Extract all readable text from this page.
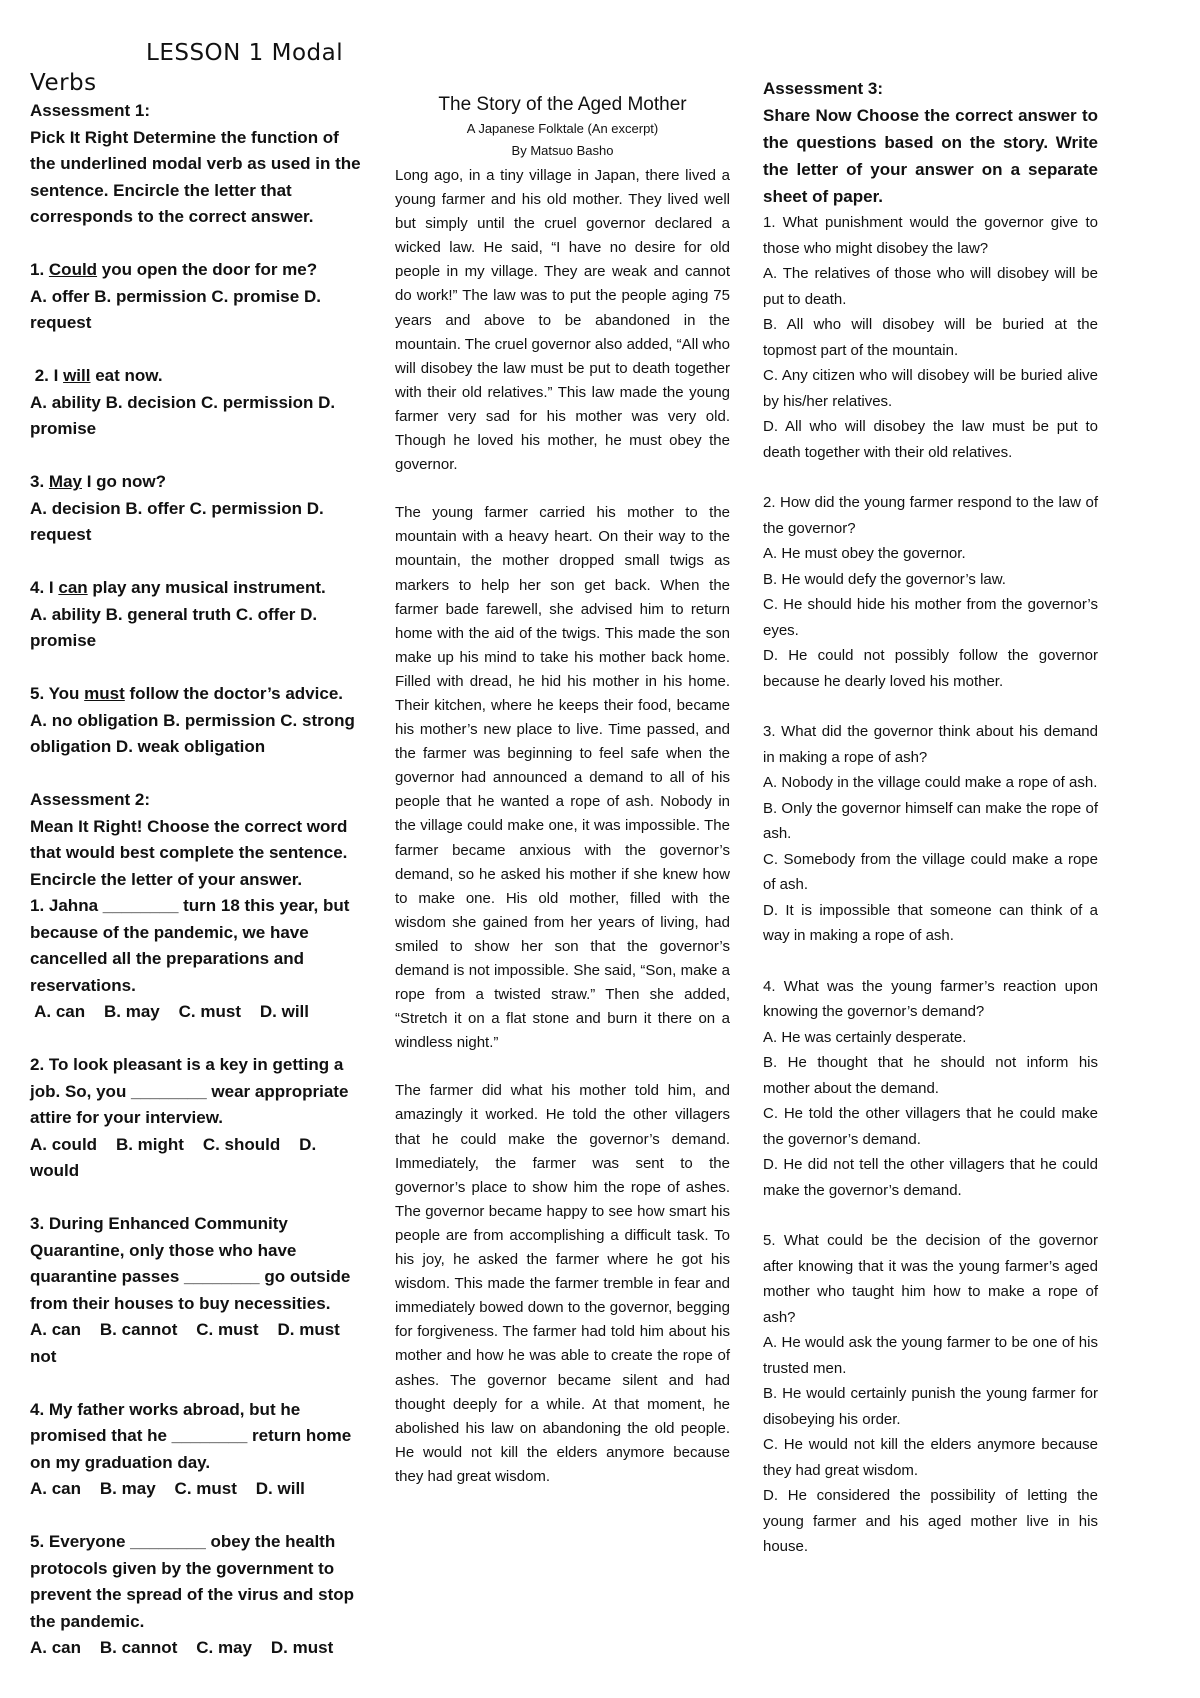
LESSON 1 Modal
Verbs

Assessment 1:

Pick It Right Determine the function of the underlined modal verb as used in the sentence. Encircle the letter that corresponds to the correct answer.

1. Could you open the door for me?

A. offer B. permission C. promise D. request

2. I will eat now.

A. ability B. decision C. permission D. promise

3. May I go now?

A. decision B. offer C. permission D. request

4. I can play any musical instrument.

A. ability B. general truth C. offer D. promise

5. You must follow the doctor’s advice.

A. no obligation B. permission C. strong obligation D. weak obligation

Assessment 2:

Mean It Right! Choose the correct word that would best complete the sentence. Encircle the letter of your answer.

1. Jahna ________ turn 18 this year, but because of the pandemic, we have cancelled all the preparations and reservations.

A. can    B. may    C. must    D. will

2. To look pleasant is a key in getting a job. So, you ________ wear appropriate attire for your interview.

A. could    B. might    C. should    D. would

3. During Enhanced Community Quarantine, only those who have quarantine passes ________ go outside from their houses to buy necessities.

A. can    B. cannot    C. must    D. must not

4. My father works abroad, but he promised that he ________ return home on my graduation day.

A. can    B. may    C. must    D. will

5. Everyone ________ obey the health protocols given by the government to prevent the spread of the virus and stop the pandemic.

A. can    B. cannot    C. may    D. must

The Story of the Aged Mother
A Japanese Folktale (An excerpt)
By Matsuo Basho

Long ago, in a tiny village in Japan, there lived a young farmer and his old mother. They lived well but simply until the cruel governor declared a wicked law. He said, “I have no desire for old people in my village. They are weak and cannot do work!” The law was to put the people aging 75 years and above to be abandoned in the mountain. The cruel governor also added, “All who will disobey the law must be put to death together with their old relatives.” This law made the young farmer very sad for his mother was very old. Though he loved his mother, he must obey the governor.

The young farmer carried his mother to the mountain with a heavy heart. On their way to the mountain, the mother dropped small twigs as markers to help her son get back. When the farmer bade farewell, she advised him to return home with the aid of the twigs. This made the son make up his mind to take his mother back home. Filled with dread, he hid his mother in his home. Their kitchen, where he keeps their food, became his mother’s new place to live. Time passed, and the farmer was beginning to feel safe when the governor had announced a demand to all of his people that he wanted a rope of ash. Nobody in the village could make one, it was impossible. The farmer became anxious with the governor’s demand, so he asked his mother if she knew how to make one. His old mother, filled with the wisdom she gained from her years of living, had smiled to show her son that the governor’s demand is not impossible. She said, “Son, make a rope from a twisted straw.” Then she added, “Stretch it on a flat stone and burn it there on a windless night.”

The farmer did what his mother told him, and amazingly it worked. He told the other villagers that he could make the governor’s demand. Immediately, the farmer was sent to the governor’s place to show him the rope of ashes. The governor became happy to see how smart his people are from accomplishing a difficult task. To his joy, he asked the farmer where he got his wisdom. This made the farmer tremble in fear and immediately bowed down to the governor, begging for forgiveness. The farmer had told him about his mother and how he was able to create the rope of ashes. The governor became silent and had thought deeply for a while. At that moment, he abolished his law on abandoning the old people. He would not kill the elders anymore because they had great wisdom.

Assessment 3:
Share Now Choose the correct answer to the questions based on the story. Write the letter of your answer on a separate sheet of paper.

1. What punishment would the governor give to those who might disobey the law?

A. The relatives of those who will disobey will be put to death.

B. All who will disobey will be buried at the topmost part of the mountain.

C. Any citizen who will disobey will be buried alive by his/her relatives.

D. All who will disobey the law must be put to death together with their old relatives.

2. How did the young farmer respond to the law of the governor?

A. He must obey the governor.

B. He would defy the governor’s law.

C. He should hide his mother from the governor’s eyes.

D. He could not possibly follow the governor because he dearly loved his mother.

3. What did the governor think about his demand in making a rope of ash?

A. Nobody in the village could make a rope of ash.

B. Only the governor himself can make the rope of ash.

C. Somebody from the village could make a rope of ash.

D. It is impossible that someone can think of a way in making a rope of ash.

4. What was the young farmer’s reaction upon knowing the governor’s demand?

A. He was certainly desperate.

B. He thought that he should not inform his mother about the demand.

C. He told the other villagers that he could make the governor’s demand.

D. He did not tell the other villagers that he could make the governor’s demand.

5. What could be the decision of the governor after knowing that it was the young farmer’s aged mother who taught him how to make a rope of ash?

A. He would ask the young farmer to be one of his trusted men.

B. He would certainly punish the young farmer for disobeying his order.

C. He would not kill the elders anymore because they had great wisdom.

D. He considered the possibility of letting the young farmer and his aged mother live in his house.
